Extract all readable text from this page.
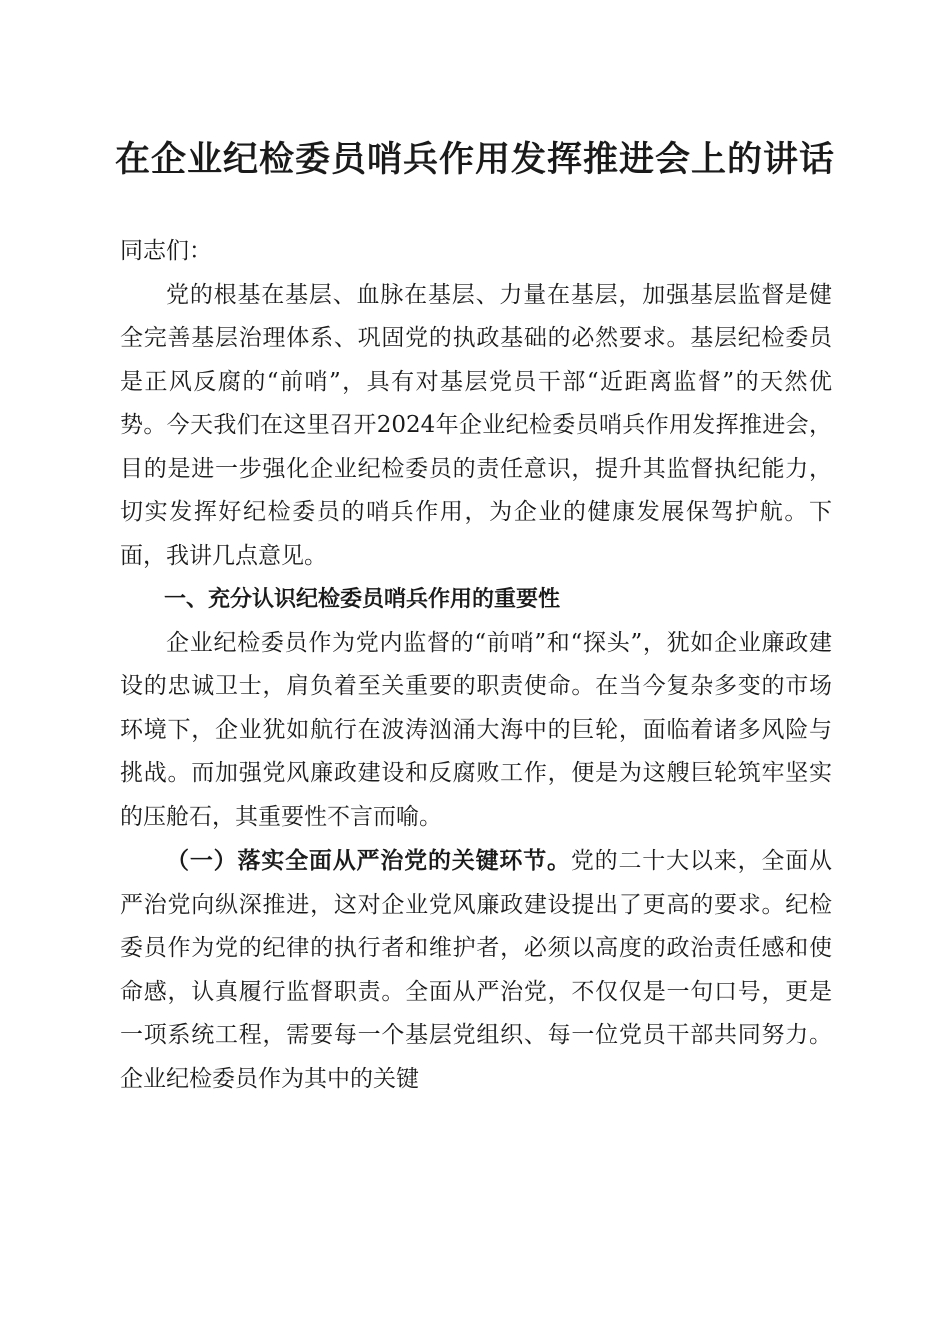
在企业纪检委员哨兵作用发挥推进会上的讲话

同志们：

党的根基在基层、血脉在基层、力量在基层，加强基层监督是健全完善基层治理体系、巩固党的执政基础的必然要求。基层纪检委员是正风反腐的“前哨”，具有对基层党员干部“近距离监督”的天然优势。今天我们在这里召开2024年企业纪检委员哨兵作用发挥推进会，目的是进一步强化企业纪检委员的责任意识，提升其监督执纪能力，切实发挥好纪检委员的哨兵作用，为企业的健康发展保驾护航。下面，我讲几点意见。

一、充分认识纪检委员哨兵作用的重要性

企业纪检委员作为党内监督的“前哨”和“探头”，犹如企业廉政建设的忠诚卫士，肩负着至关重要的职责使命。在当今复杂多变的市场环境下，企业犹如航行在波涛汹涌大海中的巨轮，面临着诸多风险与挑战。而加强党风廉政建设和反腐败工作，便是为这艘巨轮筑牢坚实的压舱石，其重要性不言而喻。

（一）落实全面从严治党的关键环节。党的二十大以来，全面从严治党向纵深推进，这对企业党风廉政建设提出了更高的要求。纪检委员作为党的纪律的执行者和维护者，必须以高度的政治责任感和使命感，认真履行监督职责。全面从严治党，不仅仅是一句口号，更是一项系统工程，需要每一个基层党组织、每一位党员干部共同努力。企业纪检委员作为其中的关键
